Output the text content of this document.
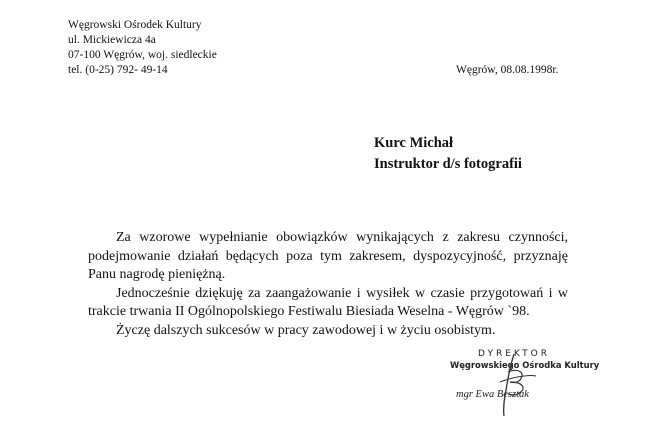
Węgrowski Ośrodek Kultury
ul. Mickiewicza 4a
07-100 Węgrów, woj. siedleckie
tel. (0-25) 792- 49-14	Węgrów, 08.08.1998r.
Kurc Michał
Instruktor d/s fotografii

Za wzorowe wypełnianie obowiązków wynikających z zakresu czynności, podejmowanie działań będących poza tym zakresem, dyspozycyjność, przyznaję Panu nagrodę pieniężną.

Jednocześnie dziękuję za zaangażowanie i wysiłek w czasie przygotowań i w trakcie trwania II Ogólnopolskiego Festiwalu Biesiada Weselna - Węgrów `98.

Życzę dalszych sukcesów w pracy zawodowej i w życiu osobistym.

DYREKTOR
Węgrowskiego Ośrodka Kultury
mgr Ewa Besztak
